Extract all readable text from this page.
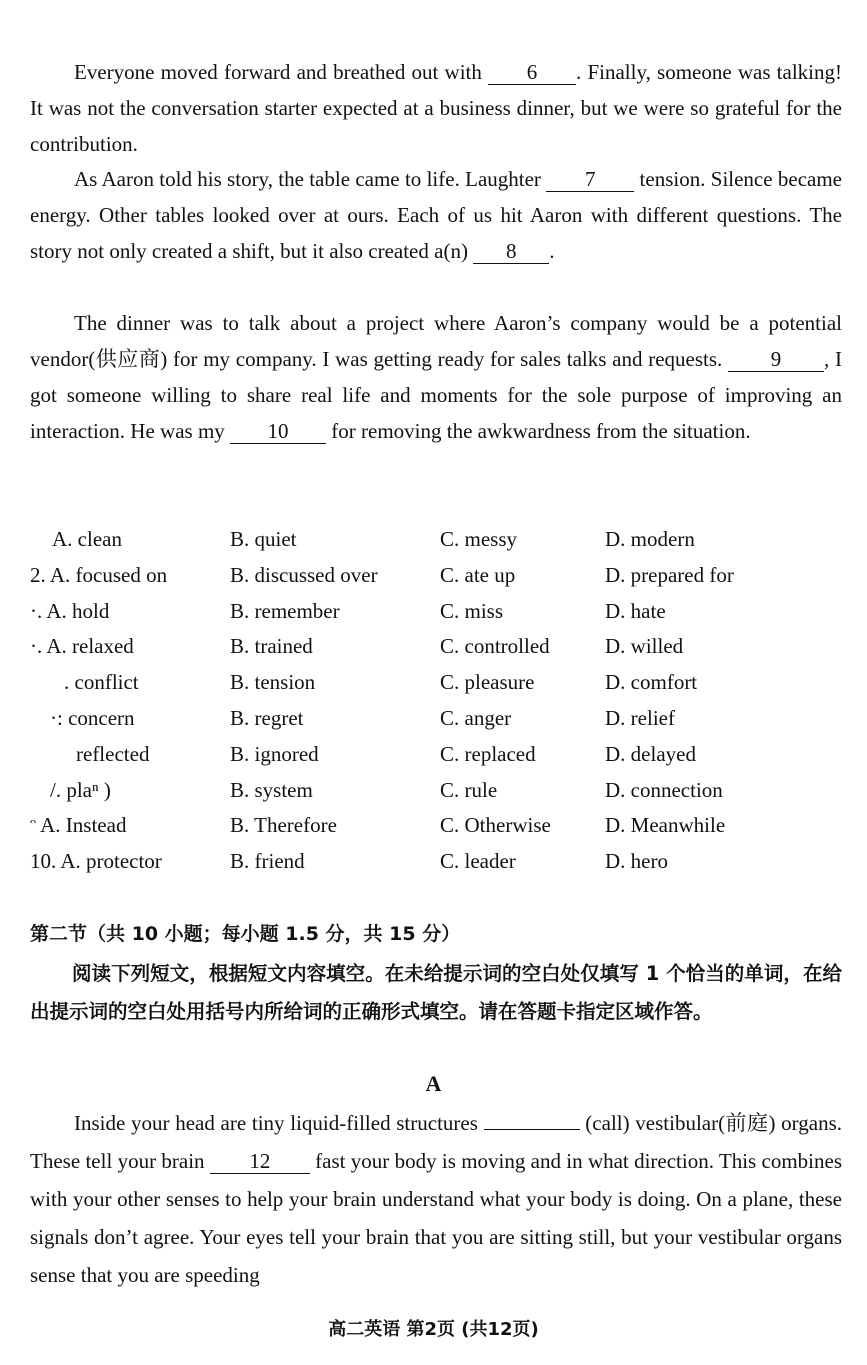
Everyone moved forward and breathed out with 6 . Finally, someone was talking! It was not the conversation starter expected at a business dinner, but we were so grateful for the contribution.
As Aaron told his story, the table came to life. Laughter 7 tension. Silence became energy. Other tables looked over at ours. Each of us hit Aaron with different questions. The story not only created a shift, but it also created a(n) 8 .
The dinner was to talk about a project where Aaron’s company would be a potential vendor(供应商) for my company. I was getting ready for sales talks and requests. 9 , I got someone willing to share real life and moments for the sole purpose of improving an interaction. He was my 10 for removing the awkwardness from the situation.
A. clean	B. quiet	C. messy	D. modern
2. A. focused on	B. discussed over	C. ate up	D. prepared for
·. A. hold	B. remember	C. miss	D. hate
·. A. relaxed	B. trained	C. controlled	D. willed
. conflict	B. tension	C. pleasure	D. comfort
·: concern	B. regret	C. anger	D. relief
reflected	B. ignored	C. replaced	D. delayed
/. plaⁿ )	B. system	C. rule	D. connection
ᵔ A. Instead	B. Therefore	C. Otherwise	D. Meanwhile
10. A. protector	B. friend	C. leader	D. hero
第二节（共 10 小题；每小题 1.5 分，共 15 分）
阅读下列短文，根据短文内容填空。在未给提示词的空白处仅填写 1 个恰当的单词，在给出提示词的空白处用括号内所给词的正确形式填空。请在答题卡指定区域作答。
A
Inside your head are tiny liquid-filled structures	(call) vestibular(前庭) organs. These tell your brain 12 fast your body is moving and in what direction. This combines with your other senses to help your brain understand what your body is doing. On a plane, these signals don’t agree. Your eyes tell your brain that you are sitting still, but your vestibular organs sense that you are speeding
高二英语 第2页 (共12页)
